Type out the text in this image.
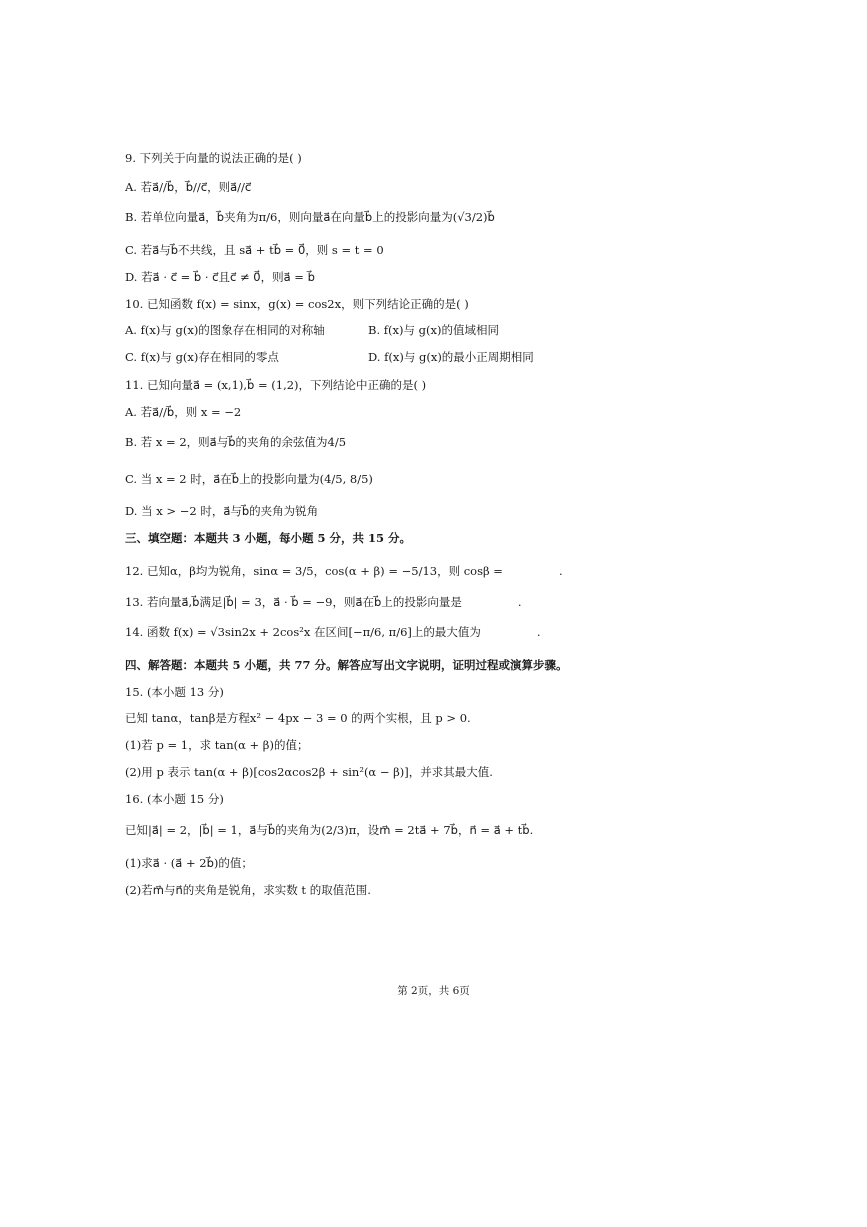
9. 下列关于向量的说法正确的是( )
A. 若a⃗//b⃗，b⃗//c⃗，则a⃗//c⃗
B. 若单位向量a⃗，b⃗夹角为π/6，则向量a⃗在向量b⃗上的投影向量为(√3/2)b⃗
C. 若a⃗与b⃗不共线，且 sa⃗ + tb⃗ = 0⃗，则 s = t = 0
D. 若a⃗ · c⃗ = b⃗ · c⃗且c⃗ ≠ 0⃗，则a⃗ = b⃗
10. 已知函数 f(x) = sinx，g(x) = cos2x，则下列结论正确的是( )
A. f(x)与 g(x)的图象存在相同的对称轴	B. f(x)与 g(x)的值域相同
C. f(x)与 g(x)存在相同的零点	D. f(x)与 g(x)的最小正周期相同
11. 已知向量a⃗ = (x,1),b⃗ = (1,2)，下列结论中正确的是( )
A. 若a⃗//b⃗，则 x = −2
B. 若 x = 2，则a⃗与b⃗的夹角的余弦值为4/5
C. 当 x = 2 时，a⃗在b⃗上的投影向量为(4/5, 8/5)
D. 当 x > −2 时，a⃗与b⃗的夹角为锐角
三、填空题：本题共 3 小题，每小题 5 分，共 15 分。
12. 已知α，β均为锐角，sinα = 3/5，cos(α + β) = −5/13，则 cosβ =	.
13. 若向量a⃗,b⃗满足|b⃗| = 3，a⃗ · b⃗ = −9，则a⃗在b⃗上的投影向量是	.
14. 函数 f(x) = √3sin2x + 2cos²x 在区间[−π/6, π/6]上的最大值为	.
四、解答题：本题共 5 小题，共 77 分。解答应写出文字说明，证明过程或演算步骤。
15. (本小题 13 分)
已知 tanα，tanβ是方程x² − 4px − 3 = 0 的两个实根，且 p > 0.
(1)若 p = 1，求 tan(α + β)的值；
(2)用 p 表示 tan(α + β)[cos2αcos2β + sin²(α − β)]，并求其最大值.
16. (本小题 15 分)
已知|a⃗| = 2，|b⃗| = 1，a⃗与b⃗的夹角为(2/3)π，设m⃗ = 2ta⃗ + 7b⃗，n⃗ = a⃗ + tb⃗.
(1)求a⃗ · (a⃗ + 2b⃗)的值；
(2)若m⃗与n⃗的夹角是锐角，求实数 t 的取值范围.
第 2页，共 6页
